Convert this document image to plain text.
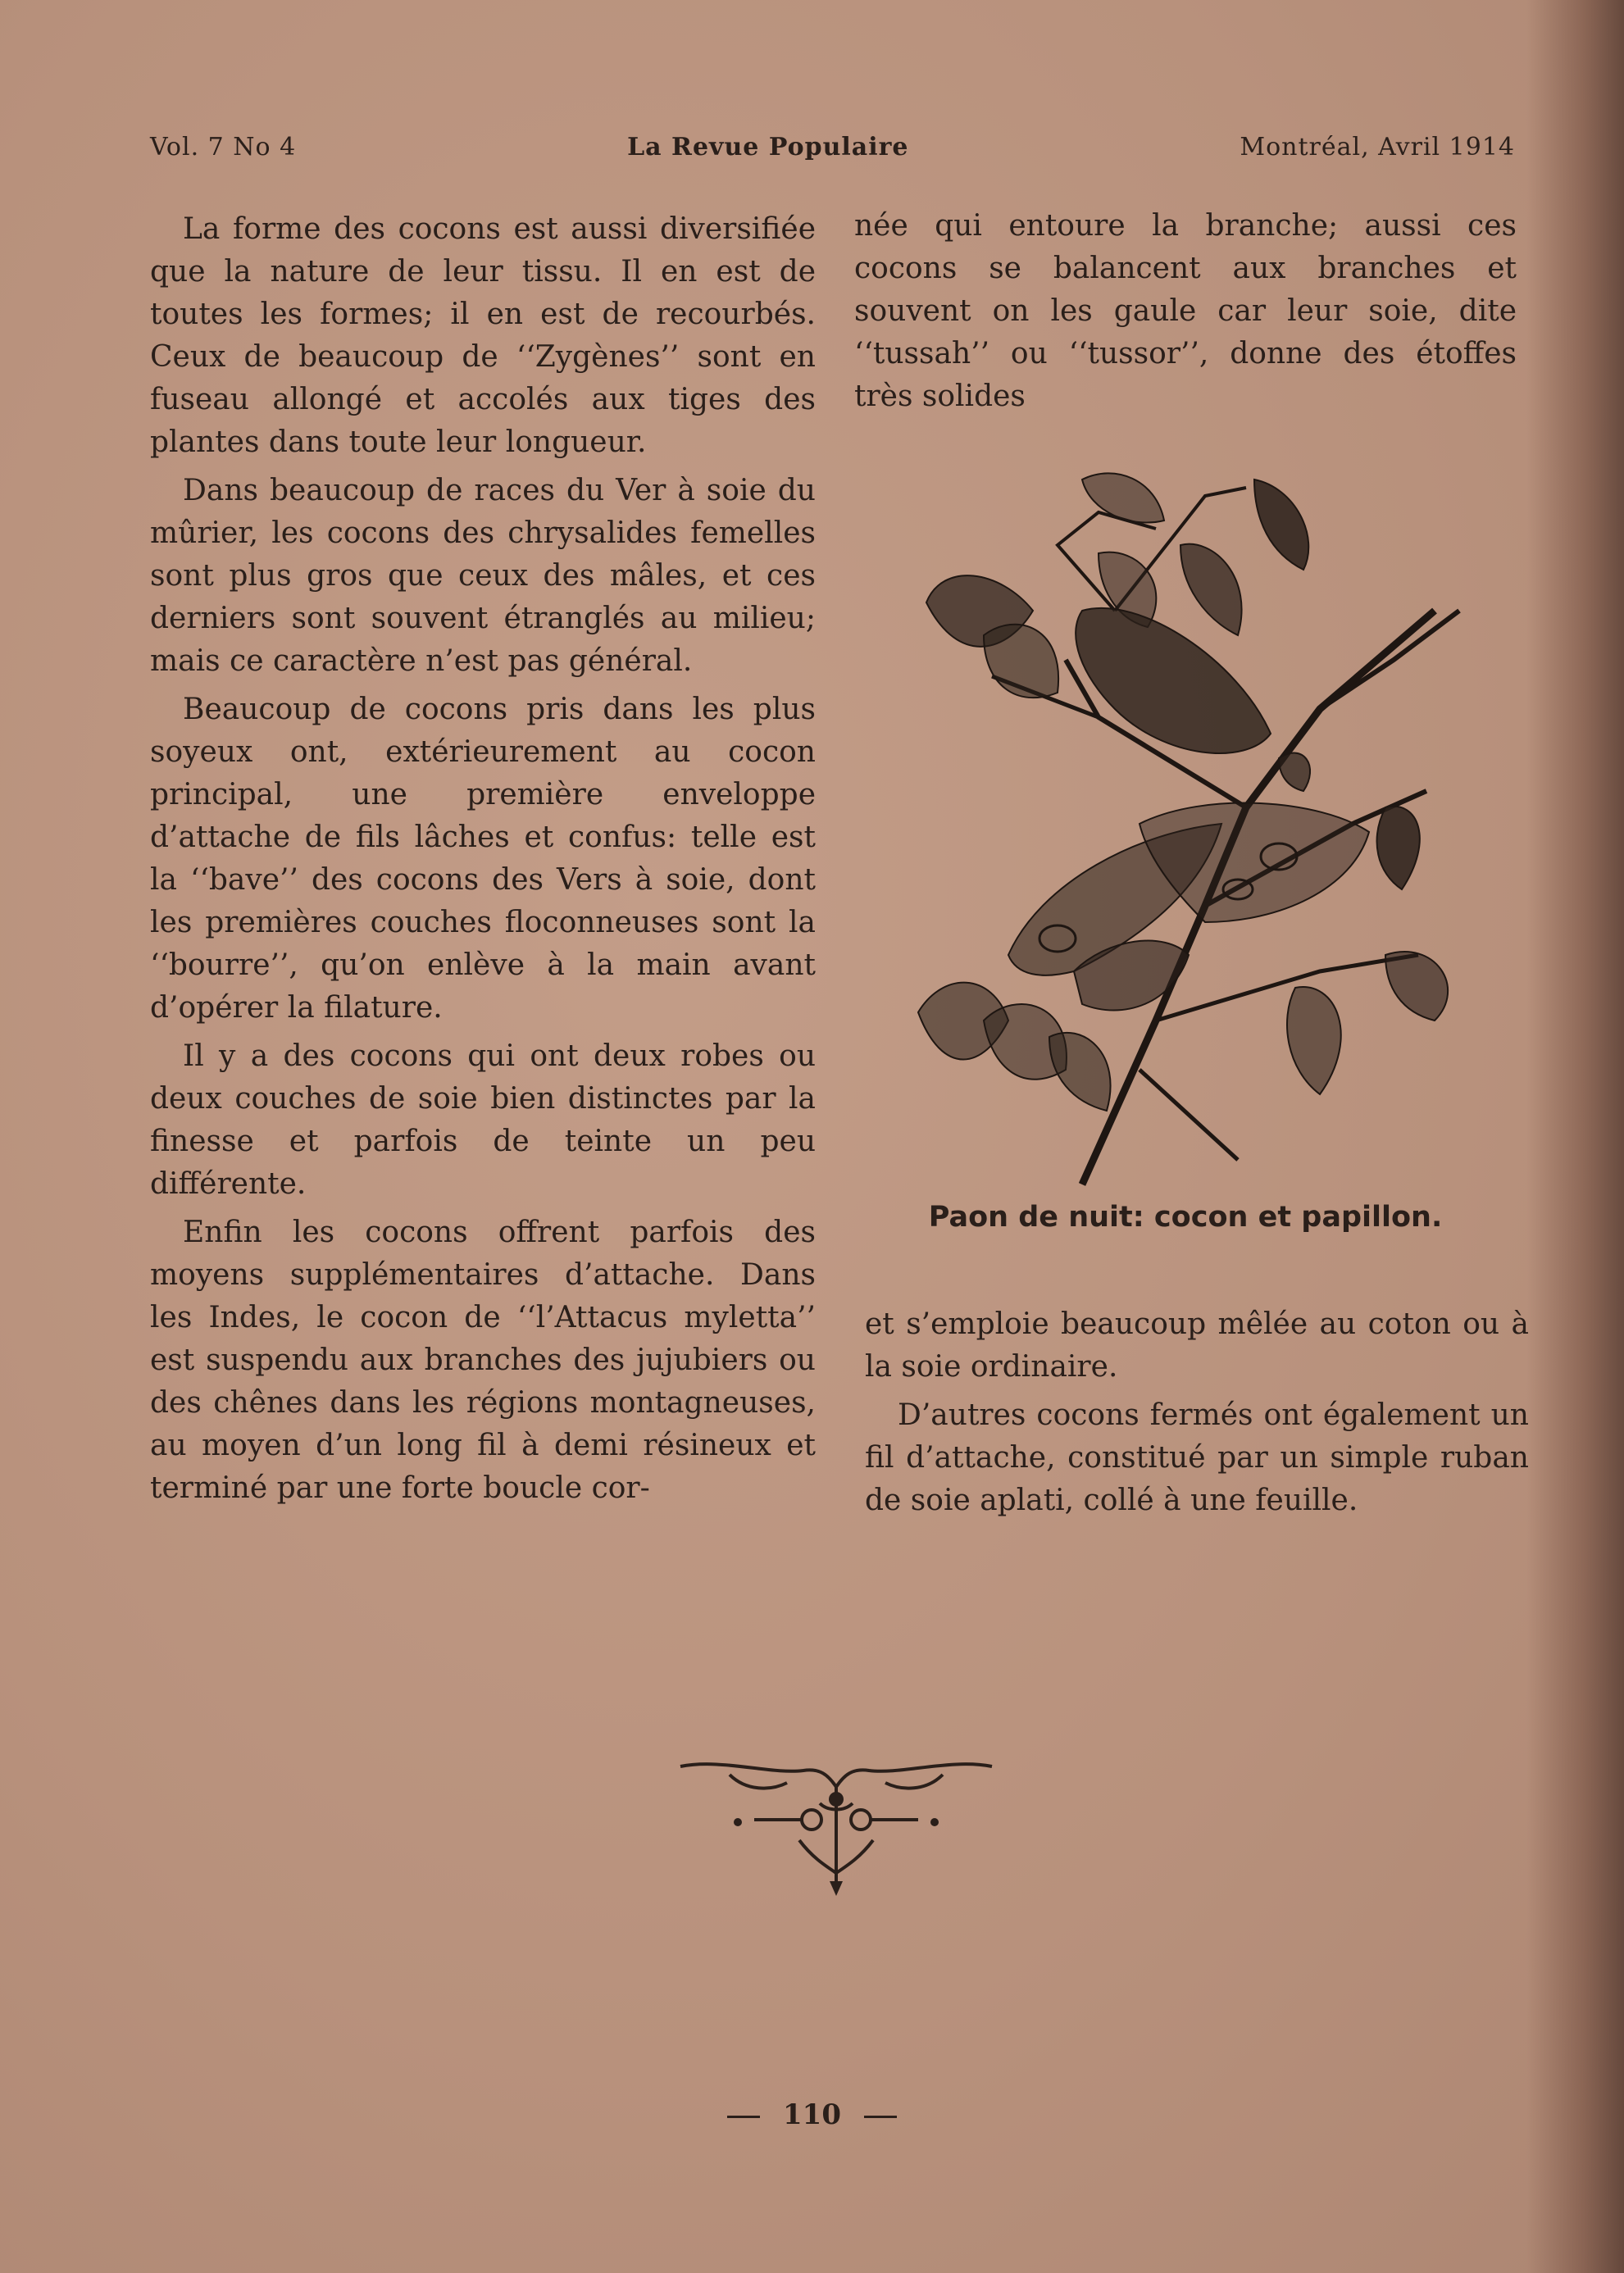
Vol. 7 No 4	La Revue Populaire	Montréal, Avril 1914

La forme des cocons est aussi diversifiée que la nature de leur tissu. Il en est de toutes les formes; il en est de recourbés. Ceux de beaucoup de ‘‘Zygènes’’ sont en fuseau allongé et accolés aux tiges des plantes dans toute leur longueur.

Dans beaucoup de races du Ver à soie du mûrier, les cocons des chrysalides femelles sont plus gros que ceux des mâles, et ces derniers sont souvent étranglés au milieu; mais ce caractère n’est pas général.

Beaucoup de cocons pris dans les plus soyeux ont, extérieurement au cocon principal, une première enveloppe d’attache de fils lâches et confus: telle est la ‘‘bave’’ des cocons des Vers à soie, dont les premières couches floconneuses sont la ‘‘bourre’’, qu’on enlève à la main avant d’opérer la filature.

Il y a des cocons qui ont deux robes ou deux couches de soie bien distinctes par la finesse et parfois de teinte un peu différente.

Enfin les cocons offrent parfois des moyens supplémentaires d’attache. Dans les Indes, le cocon de ‘‘l’Attacus myletta’’ est suspendu aux branches des jujubiers ou des chênes dans les régions montagneuses, au moyen d’un long fil à demi résineux et terminé par une forte boucle cor-

née qui entoure la branche; aussi ces cocons se balancent aux branches et souvent on les gaule car leur soie, dite ‘‘tussah’’ ou ‘‘tussor’’, donne des étoffes très solides

Paon de nuit: cocon et papillon.

et s’emploie beaucoup mêlée au coton ou à la soie ordinaire.

D’autres cocons fermés ont également un fil d’attache, constitué par un simple ruban de soie aplati, collé à une feuille.

110
